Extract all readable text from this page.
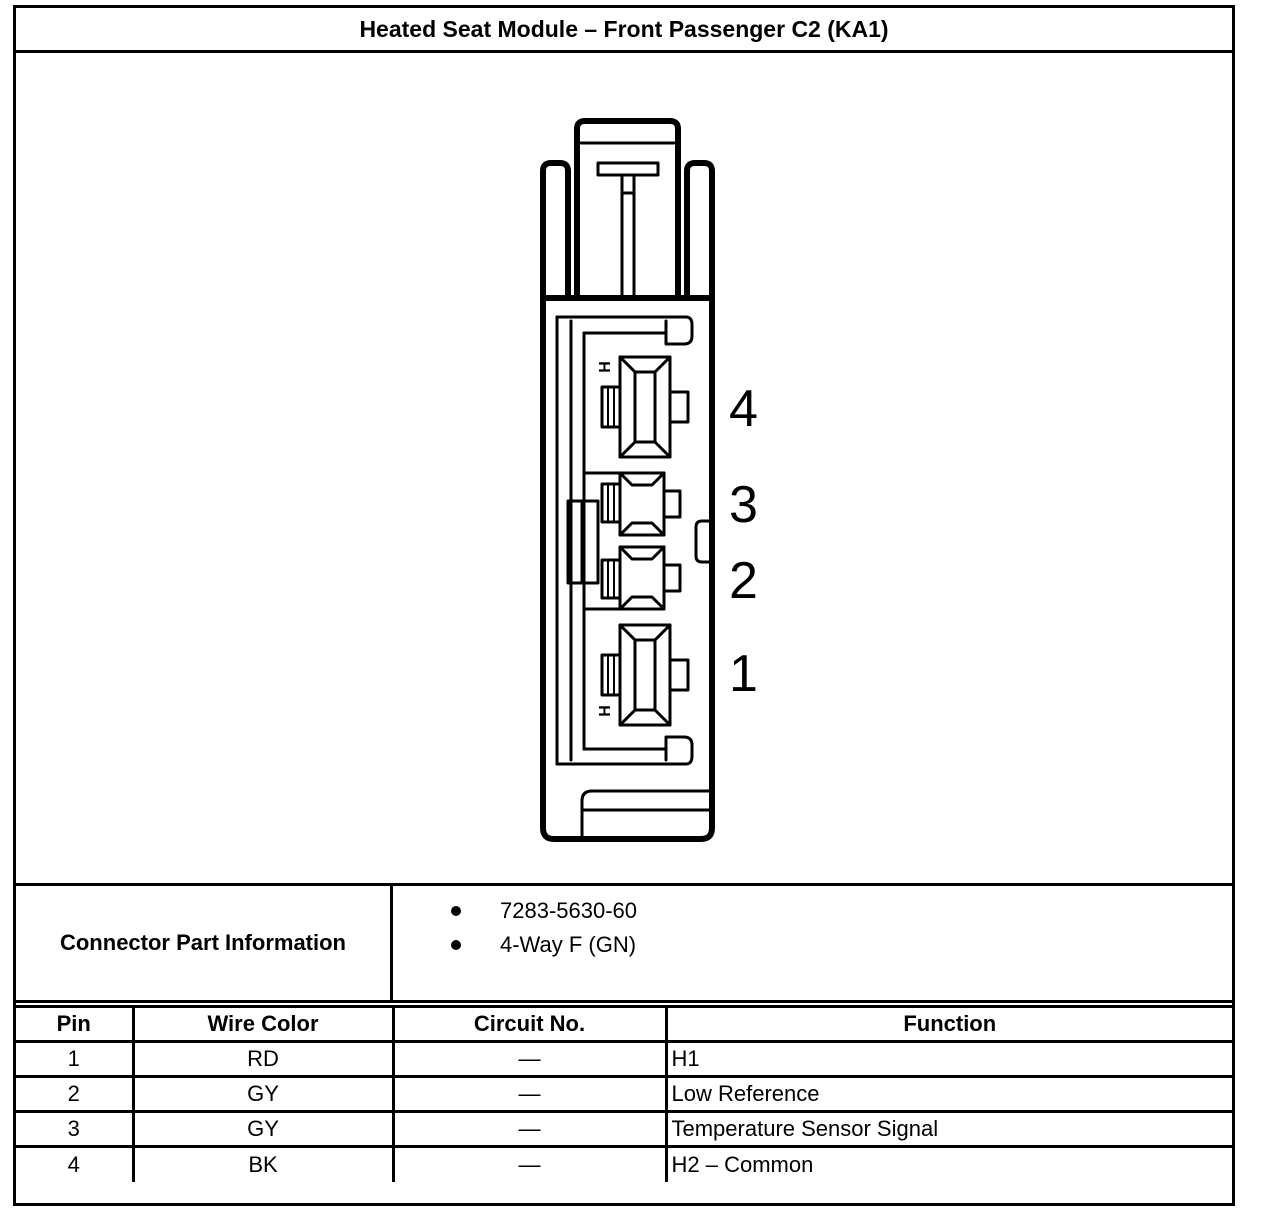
Heated Seat Module – Front Passenger C2 (KA1)
H
H
4
3
2
1
Connector Part Information
7283-5630-60
4-Way F (GN)
Pin	Wire Color	Circuit No.	Function
1	RD	—	H1
2	GY	—	Low Reference
3	GY	—	Temperature Sensor Signal
4	BK	—	H2 – Common
